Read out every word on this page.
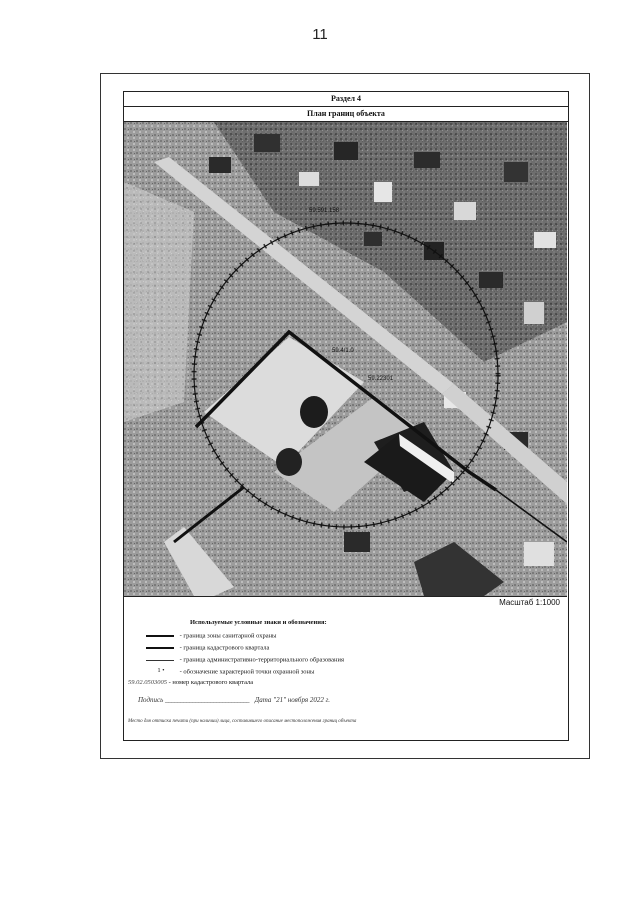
11
Раздел 4
План границ объекта
59.591.158
59.4/1.0
59.22301
Масштаб 1:1000
Используемые условные знаки и обозначения:
- граница зоны санитарной охраны
- граница кадастрового квартала
- граница административно-территориального образования
1 • - обозначение характерной точки охранной зоны
59.02.0503005 - номер кадастрового квартала
Подпись ____________________________ Дата "21" ноября 2022 г.
Место для оттиска печати (при наличии) лица, составившего описание местоположения границ объекта
